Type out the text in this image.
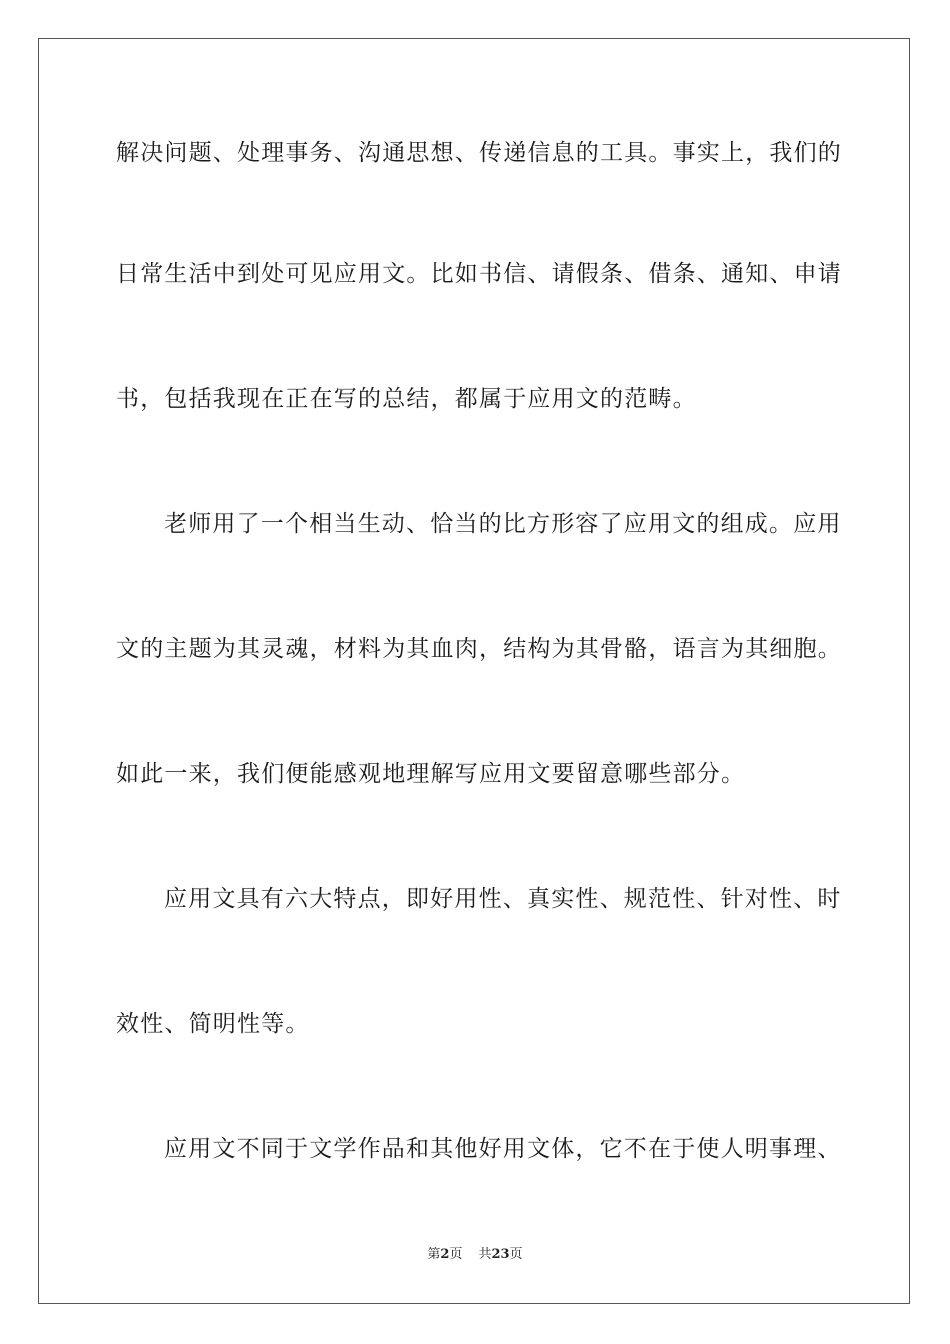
解决问题、处理事务、沟通思想、传递信息的工具。事实上，我们的
日常生活中到处可见应用文。比如书信、请假条、借条、通知、申请
书，包括我现在正在写的总结，都属于应用文的范畴。
老师用了一个相当生动、恰当的比方形容了应用文的组成。应用
文的主题为其灵魂，材料为其血肉，结构为其骨骼，语言为其细胞。
如此一来，我们便能感观地理解写应用文要留意哪些部分。
应用文具有六大特点，即好用性、真实性、规范性、针对性、时
效性、简明性等。
应用文不同于文学作品和其他好用文体，它不在于使人明事理、
第2页 共23页
